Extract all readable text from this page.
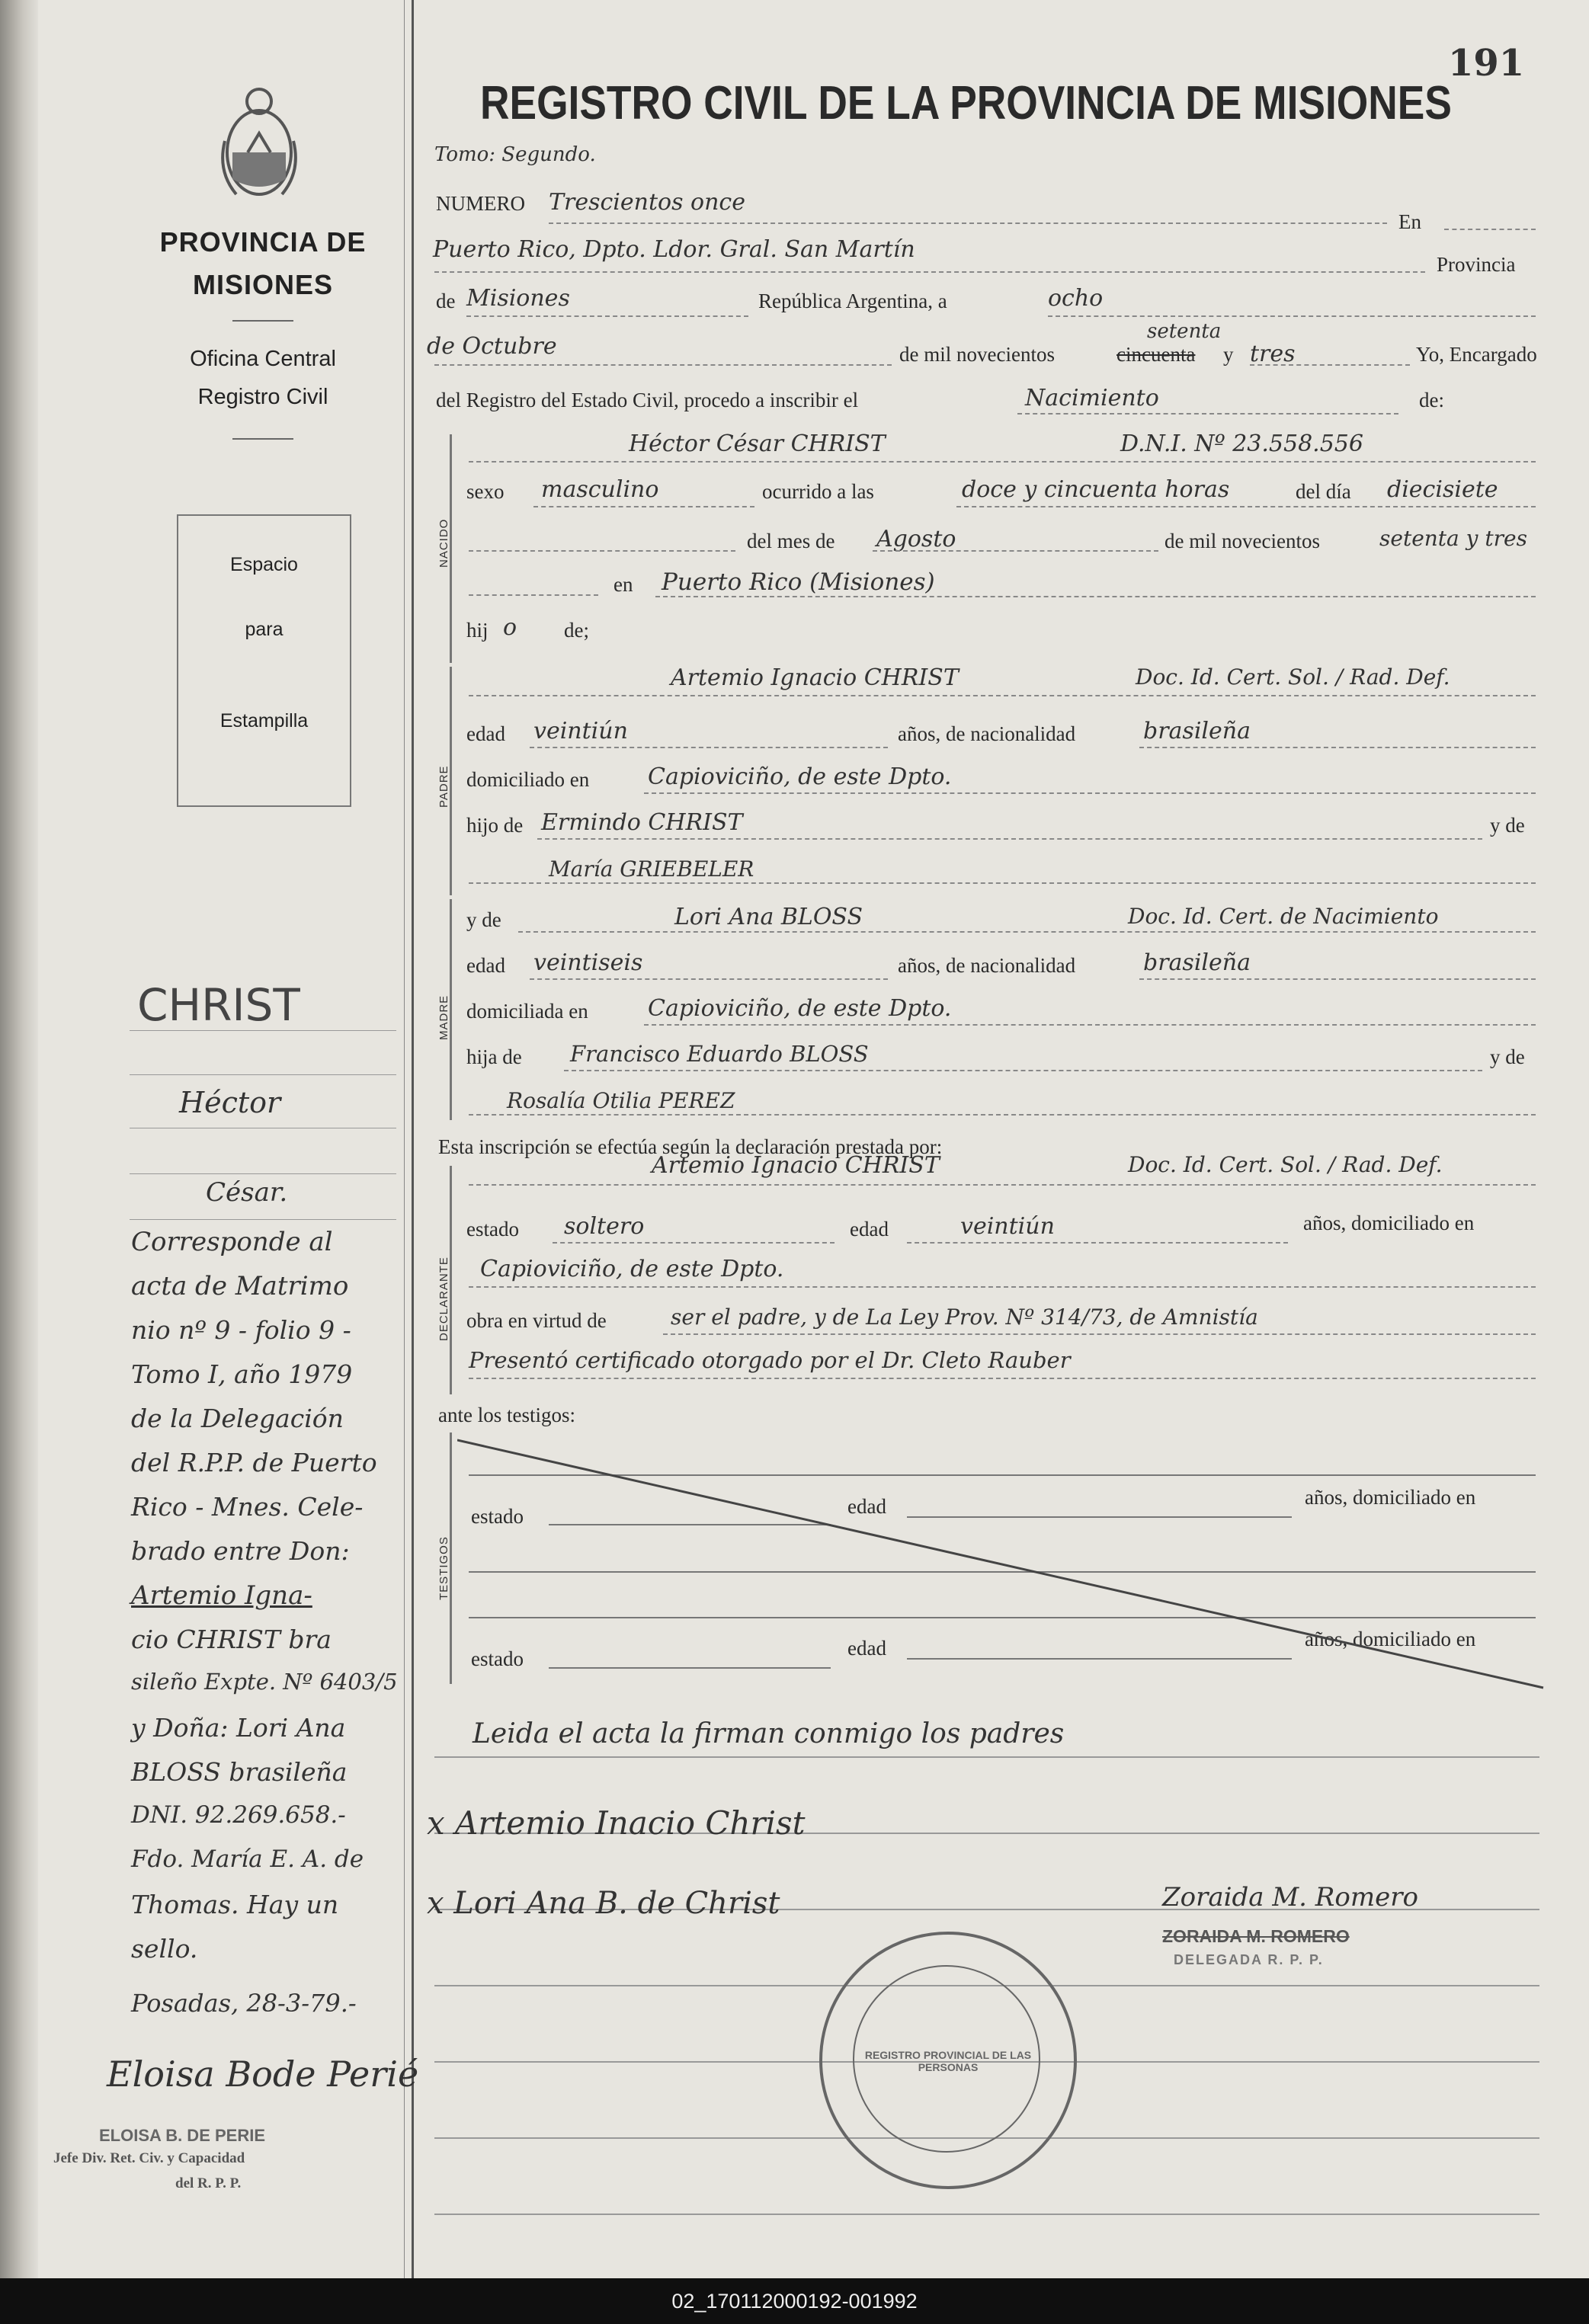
PROVINCIA DE MISIONES
Oficina Central
Registro Civil
Espacio
para
Estampilla
CHRIST
Héctor
César.
Corresponde al
acta de Matrimo
nio nº 9 - folio 9 -
Tomo I, año 1979
de la Delegación
del R.P.P. de Puerto
Rico - Mnes. Cele-
brado entre Don:
Artemio Igna-
cio CHRIST bra
sileño Expte. Nº 6403/5
y Doña: Lori Ana
BLOSS brasileña
DNI. 92.269.658.-
Fdo. María E. A. de
Thomas. Hay un
sello.
Posadas, 28-3-79.-
Eloisa Bode Perié
ELOISA B. DE PERIE
Jefe Div. Ret. Civ. y Capacidad
del R. P. P.
191
REGISTRO CIVIL DE LA PROVINCIA DE MISIONES
Tomo: Segundo.
NUMERO Trescientos once
En
Puerto Rico, Dpto. Ldor. Gral. San Martín
Provincia
de Misiones	República Argentina, a	ocho
setenta
de Octubre	de mil novecientos	cincuenta y tres	Yo, Encargado
del Registro del Estado Civil, procedo a inscribir el	Nacimiento	de:
NACIDO
Héctor César CHRIST	D.N.I. Nº 23.558.556
sexo masculino	ocurrido a las	doce y cincuenta horas	del día diecisiete
del mes de Agosto	de mil novecientos	setenta y tres
en Puerto Rico (Misiones)
hij o de;
PADRE
Artemio Ignacio CHRIST	Doc. Id. Cert. Sol. / Rad. Def.
edad veintiún	años, de nacionalidad	brasileña
domiciliado en	Capioviciño, de este Dpto.
hijo de Ermindo CHRIST	y de
María GRIEBELER
MADRE
y de	Lori Ana BLOSS	Doc. Id. Cert. de Nacimiento
edad veintiseis	años, de nacionalidad	brasileña
domiciliada en	Capioviciño, de este Dpto.
hija de Francisco Eduardo BLOSS	y de
Rosalía Otilia PEREZ
Esta inscripción se efectúa según la declaración prestada por:
DECLARANTE
Artemio Ignacio CHRIST	Doc. Id. Cert. Sol. / Rad. Def.
estado soltero	edad	veintiún	años, domiciliado en
Capioviciño, de este Dpto.
obra en virtud de	ser el padre, y de La Ley Prov. Nº 314/73, de Amnistía
Presentó certificado otorgado por el Dr. Cleto Rauber
ante los testigos:
TESTIGOS
estado	edad	años, domiciliado en
estado	edad	años, domiciliado en
Leida el acta la firman conmigo los padres
x Artemio Inacio Christ
x Lori Ana B. de Christ	Zoraida M. Romero
ZORAIDA M. ROMERO
DELEGADA R. P. P.
REGISTRO PROVINCIAL DE LAS PERSONAS
02_170112000192-001992
